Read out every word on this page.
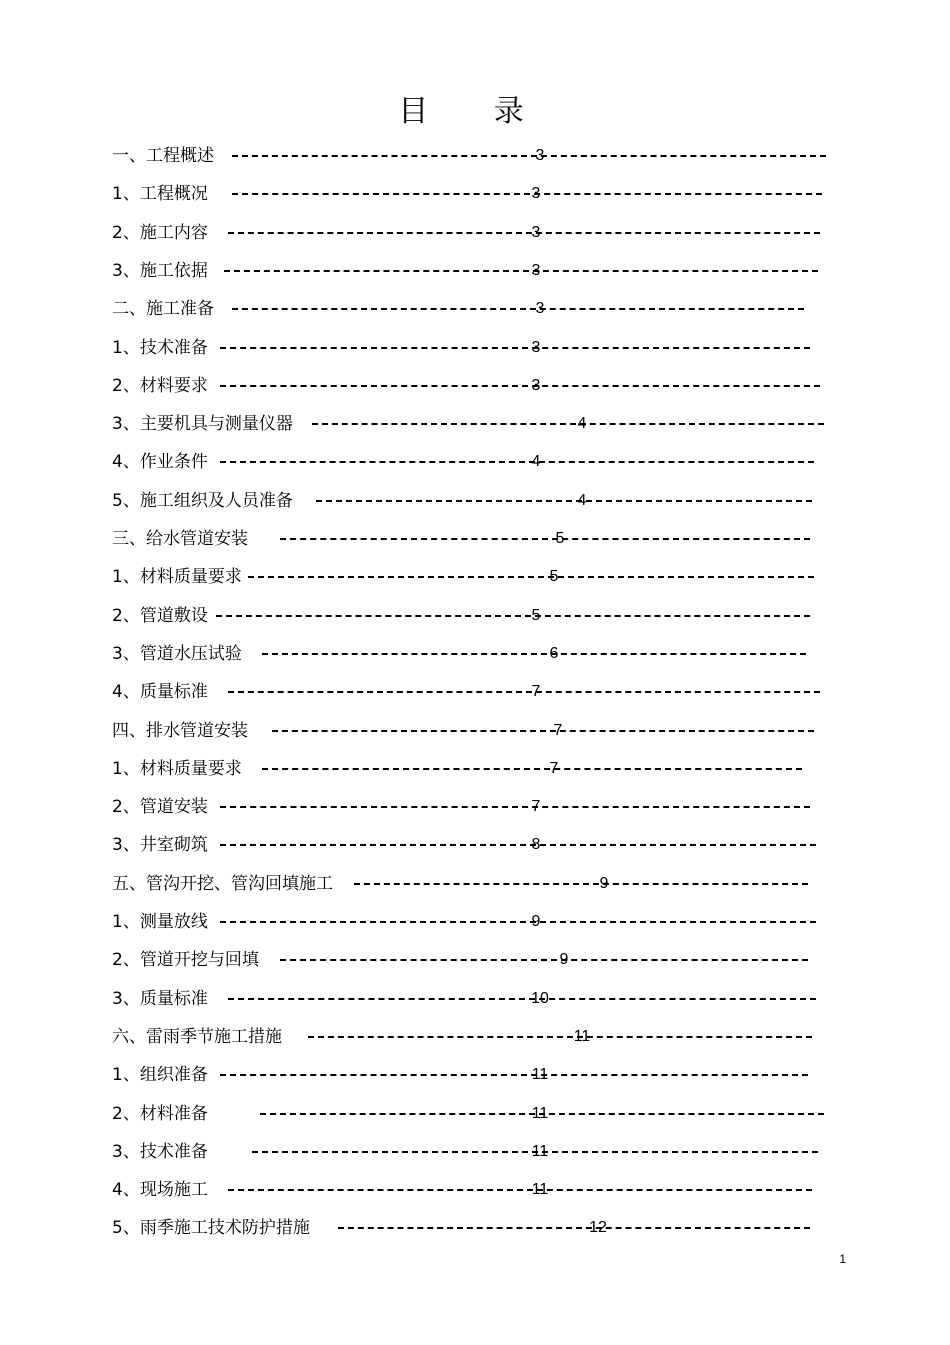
目 录
一、工程概述	3
1、工程概况	3
2、施工内容	3
3、施工依据	3
二、施工准备	3
1、技术准备	3
2、材料要求	3
3、主要机具与测量仪器	4
4、作业条件	4
5、施工组织及人员准备	4
三、给水管道安装	5
1、材料质量要求	5
2、管道敷设	5
3、管道水压试验	6
4、质量标准	7
四、排水管道安装	7
1、材料质量要求	7
2、管道安装	7
3、井室砌筑	8
五、管沟开挖、管沟回填施工	9
1、测量放线	9
2、管道开挖与回填	9
3、质量标准	10
六、雷雨季节施工措施	11
1、组织准备	11
2、材料准备	11
3、技术准备	11
4、现场施工	11
5、雨季施工技术防护措施	12
1
